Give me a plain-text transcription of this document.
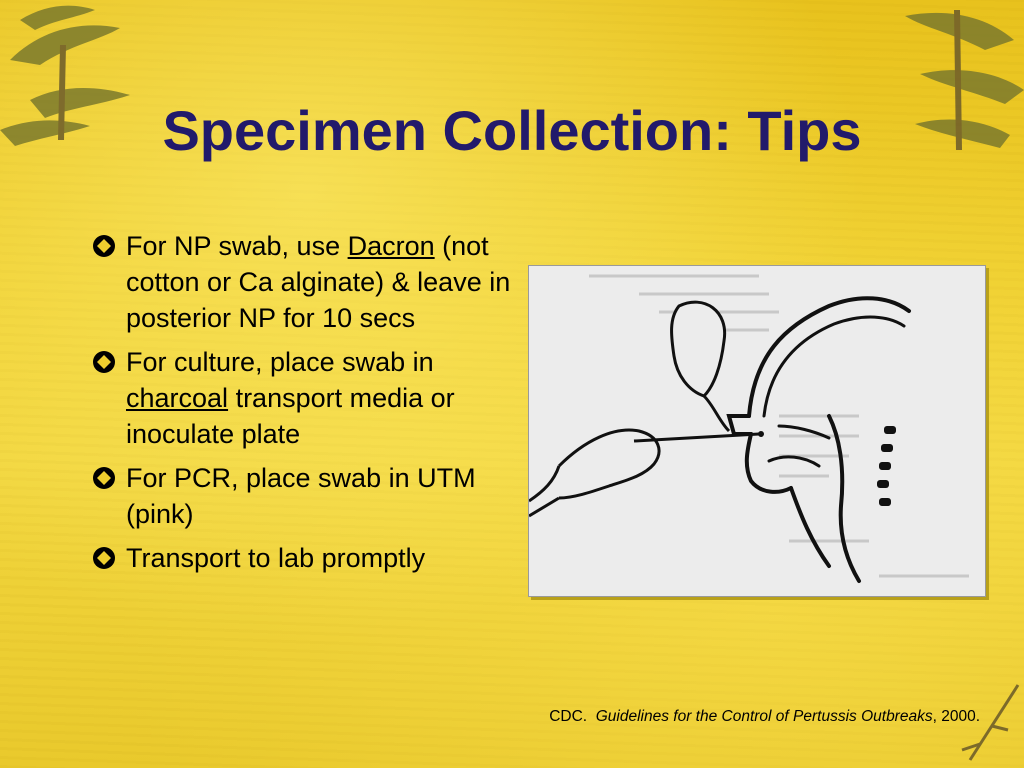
Specimen Collection: Tips
For NP swab, use Dacron (not cotton or Ca alginate) & leave in posterior NP for 10 secs
For culture, place swab in charcoal transport media or inoculate plate
For PCR, place swab in UTM (pink)
Transport to lab promptly
CDC. Guidelines for the Control of Pertussis Outbreaks, 2000.
